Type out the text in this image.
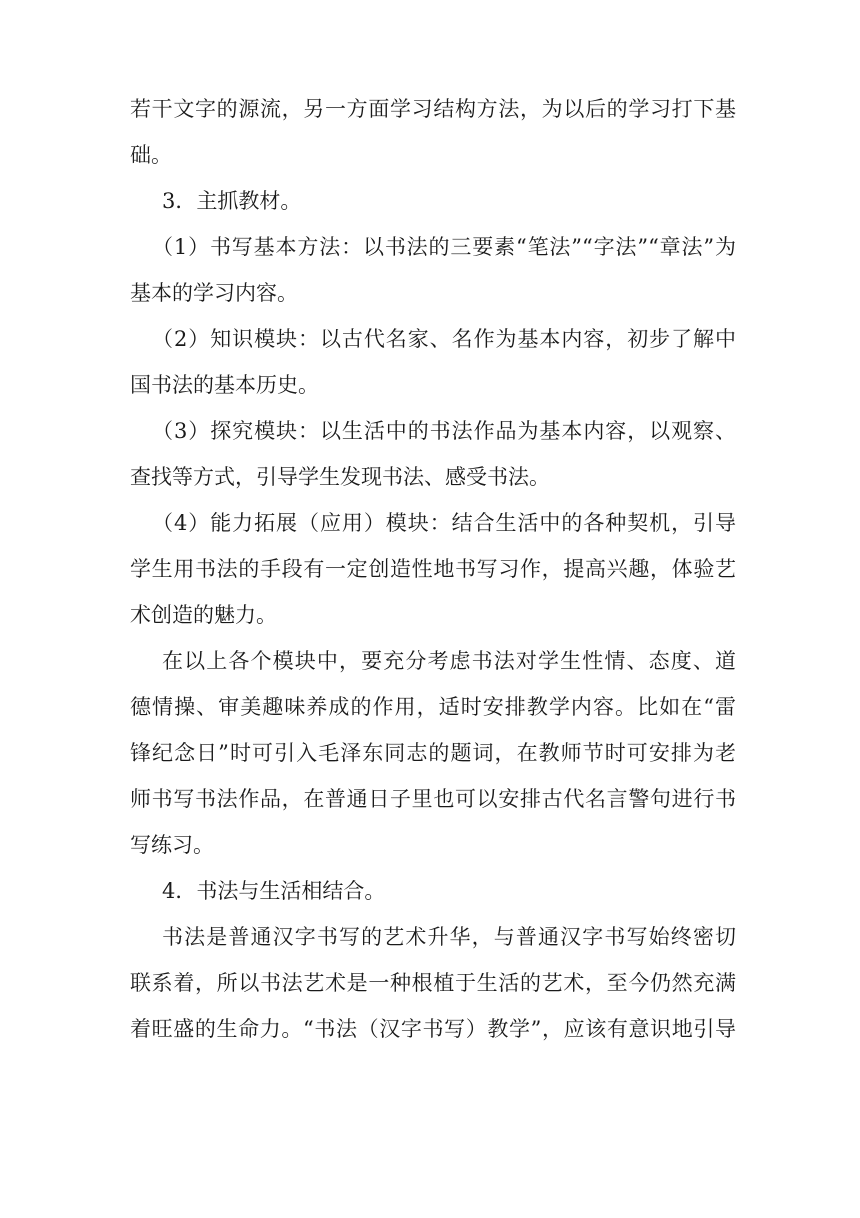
若干文字的源流，另一方面学习结构方法，为以后的学习打下基
础。
3．主抓教材。
（1）书写基本方法：以书法的三要素“笔法”“字法”“章法”为
基本的学习内容。
（2）知识模块：以古代名家、名作为基本内容，初步了解中
国书法的基本历史。
（3）探究模块：以生活中的书法作品为基本内容，以观察、
查找等方式，引导学生发现书法、感受书法。
（4）能力拓展（应用）模块：结合生活中的各种契机，引导
学生用书法的手段有一定创造性地书写习作，提高兴趣，体验艺
术创造的魅力。
在以上各个模块中，要充分考虑书法对学生性情、态度、道
德情操、审美趣味养成的作用，适时安排教学内容。比如在“雷
锋纪念日”时可引入毛泽东同志的题词，在教师节时可安排为老
师书写书法作品，在普通日子里也可以安排古代名言警句进行书
写练习。
4．书法与生活相结合。
书法是普通汉字书写的艺术升华，与普通汉字书写始终密切
联系着，所以书法艺术是一种根植于生活的艺术，至今仍然充满
着旺盛的生命力。“书法（汉字书写）教学”，应该有意识地引导
